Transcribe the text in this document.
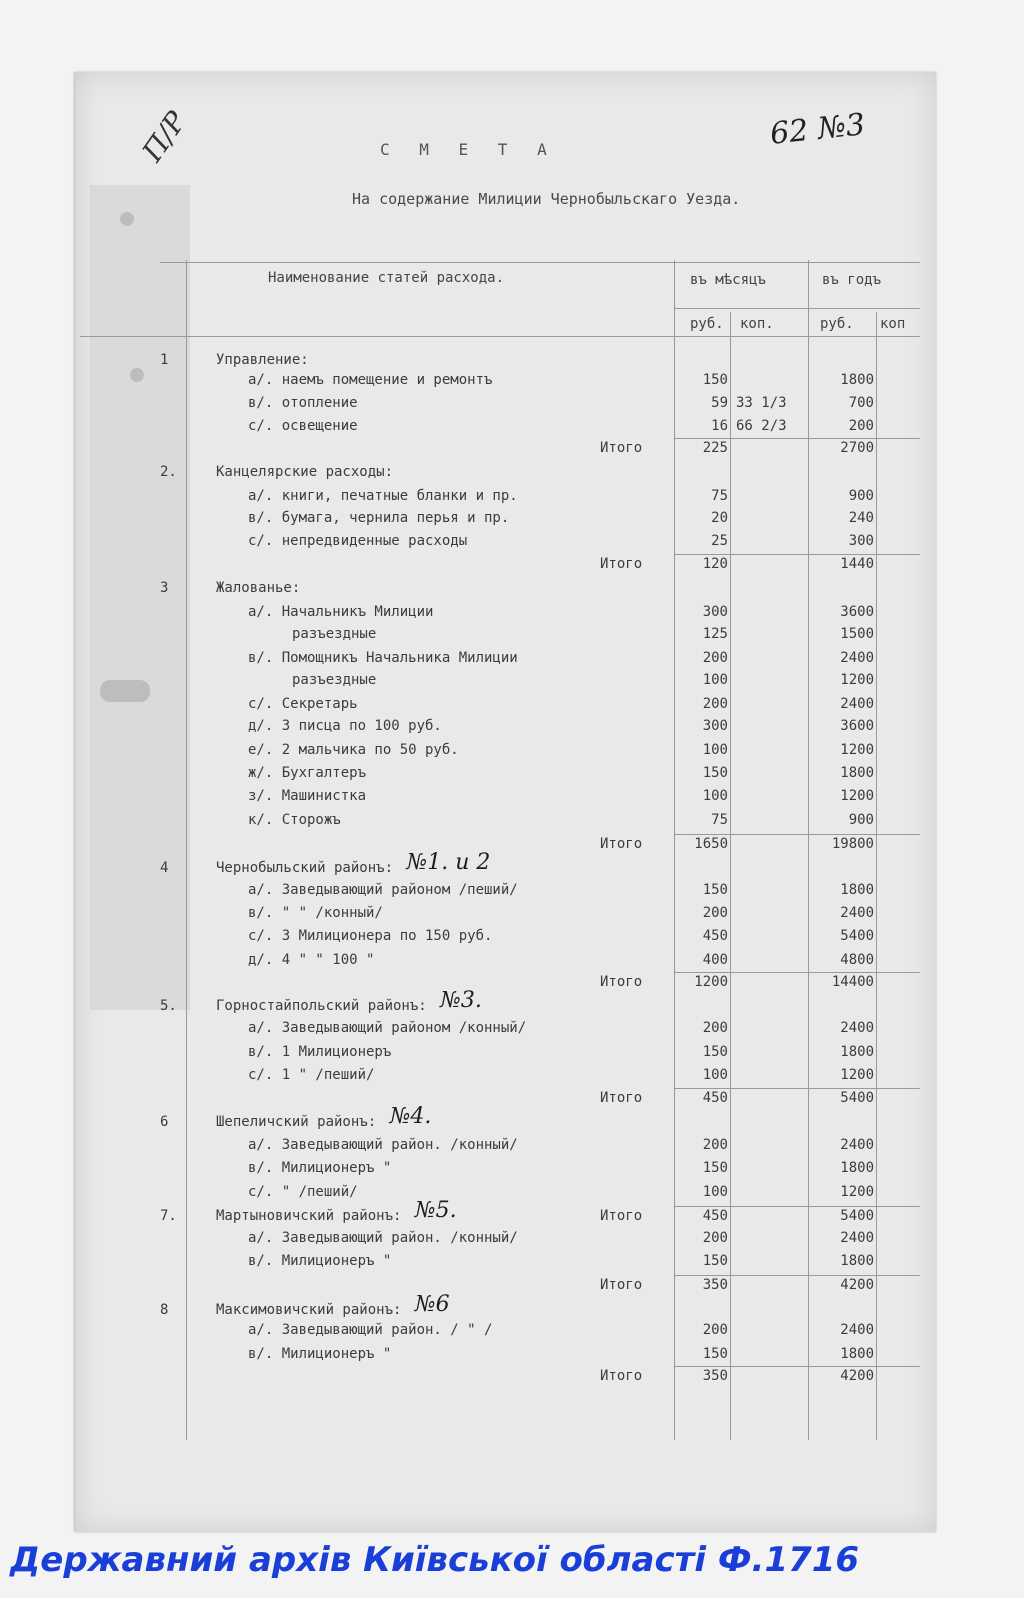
С М Е Т А
На содержание Милиции Чернобыльскаго Уезда.
62 №3
П/P
Наименование статей расхода.	въ мѣсяцъ	въ годъ
руб. коп.	руб. коп
1	Управление:
а/. наемъ помещение и ремонтъ	150	1800
в/. отопление	59 33 1/3	700
с/. освещение	16 66 2/3	200
Итого	225	2700
2.	Канцелярские расходы:
а/. книги, печатные бланки и пр.	75	900
в/. бумага, чернила перья и пр.	20	240
с/. непредвиденные расходы	25	300
Итого	120	1440
3	Жалованье:
а/. Начальникъ Милиции	300	3600
разъездные	125	1500
в/. Помощникъ Начальника Милиции	200	2400
разъездные	100	1200
с/. Секретарь	200	2400
д/. 3 писца по 100 руб.	300	3600
е/. 2 мальчика по 50 руб.	100	1200
ж/. Бухгалтеръ	150	1800
з/. Машинистка	100	1200
к/. Сторожъ	75	900
Итого	1650	19800
4	Чернобыльский районъ: №1. и 2
а/. Заведывающий районом /пеший/	150	1800
в/. " " /конный/	200	2400
с/. 3 Милиционера по 150 руб.	450	5400
д/. 4 " " 100 "	400	4800
Итого	1200	14400
5.	Горностайпольский районъ: №3.
а/. Заведывающий районом /конный/	200	2400
в/. 1 Милиционеръ	150	1800
с/. 1 " /пеший/	100	1200
Итого	450	5400
6	Шепеличский районъ: №4.
а/. Заведывающий район. /конный/	200	2400
в/. Милиционеръ "	150	1800
с/. " /пеший/	100	1200
7.	Мартыновичский районъ: №5.	Итого	450	5400
а/. Заведывающий район. /конный/	200	2400
в/. Милиционеръ "	150	1800
Итого	350	4200
8	Максимовичский районъ: №6
а/. Заведывающий район. / " /	200	2400
в/. Милиционеръ "	150	1800
Итого	350	4200
Державний архів Київської області Ф.1716
